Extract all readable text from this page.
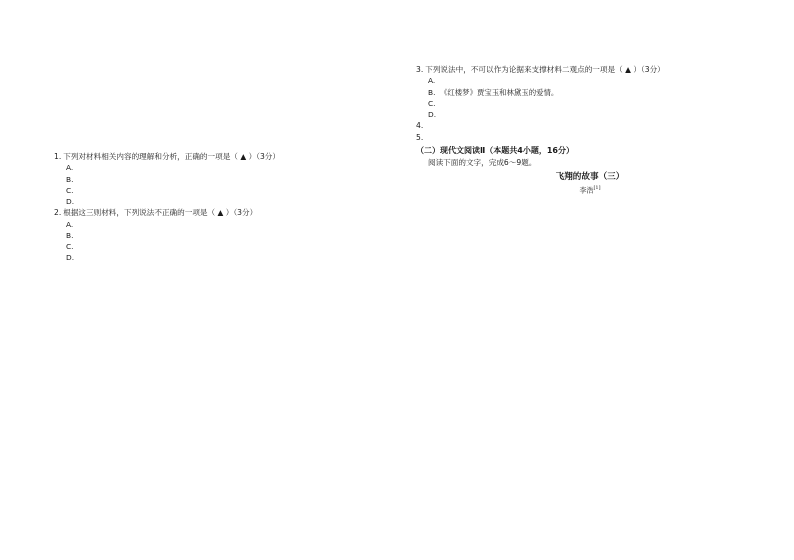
1. 下列对材料相关内容的理解和分析，正确的一项是（ ▲ ）（3分）

A.
B.
C.
D.

2. 根据这三则材料，下列说法不正确的一项是（ ▲ ）（3分）

A.
B.
C.
D.

3. 下列说法中，不可以作为论据来支撑材料二观点的一项是（ ▲ ）（3分）

A.
B. 《红楼梦》贾宝玉和林黛玉的爱情。
C.
D.

4.

5.

（二）现代文阅读Ⅱ（本题共4小题，16分）

阅读下面的文字，完成6～9题。

飞翔的故事（三）

李浩[1]
